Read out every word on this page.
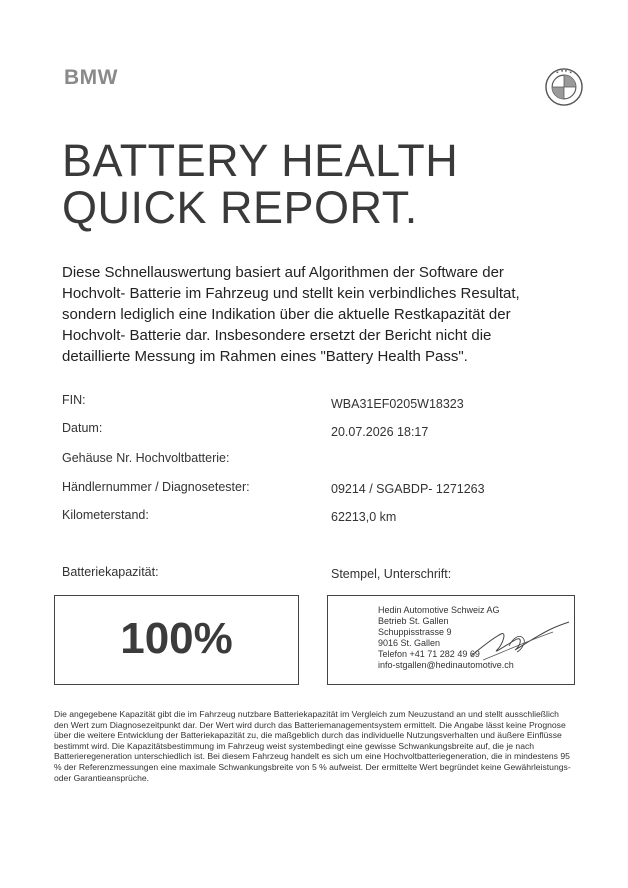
BMW
BATTERY HEALTH
QUICK REPORT.

Diese Schnellauswertung basiert auf Algorithmen der Software der Hochvolt- Batterie im Fahrzeug und stellt kein verbindliches Resultat, sondern lediglich eine Indikation über die aktuelle Restkapazität der Hochvolt- Batterie dar. Insbesondere ersetzt der Bericht nicht die detaillierte Messung im Rahmen eines "Battery Health Pass".

FIN:	WBA31EF0205W18323
Datum:	20.07.2026 18:17
Gehäuse Nr. Hochvoltbatterie:
Händlernummer / Diagnosetester:	09214 / SGABDP- 1271263
Kilometerstand:	62213,0 km
Batteriekapazität:	Stempel, Unterschrift:
100%
Hedin Automotive Schweiz AG
Betrieb St. Gallen
Schuppisstrasse 9
9016 St. Gallen
Telefon +41 71 282 49 69
info-stgallen@hedinautomotive.ch

Die angegebene Kapazität gibt die im Fahrzeug nutzbare Batteriekapazität im Vergleich zum Neuzustand an und stellt ausschließlich den Wert zum Diagnosezeitpunkt dar. Der Wert wird durch das Batteriemanagementsystem ermittelt. Die Angabe lässt keine Prognose über die weitere Entwicklung der Batteriekapazität zu, die maßgeblich durch das individuelle Nutzungsverhalten und äußere Einflüsse bestimmt wird. Die Kapazitätsbestimmung im Fahrzeug weist systembedingt eine gewisse Schwankungsbreite auf, die je nach Batterieregeneration unterschiedlich ist. Bei diesem Fahrzeug handelt es sich um eine Hochvoltbatteriegeneration, die in mindestens 95 % der Referenzmessungen eine maximale Schwankungsbreite von 5 % aufweist. Der ermittelte Wert begründet keine Gewährleistungs- oder Garantieansprüche.
